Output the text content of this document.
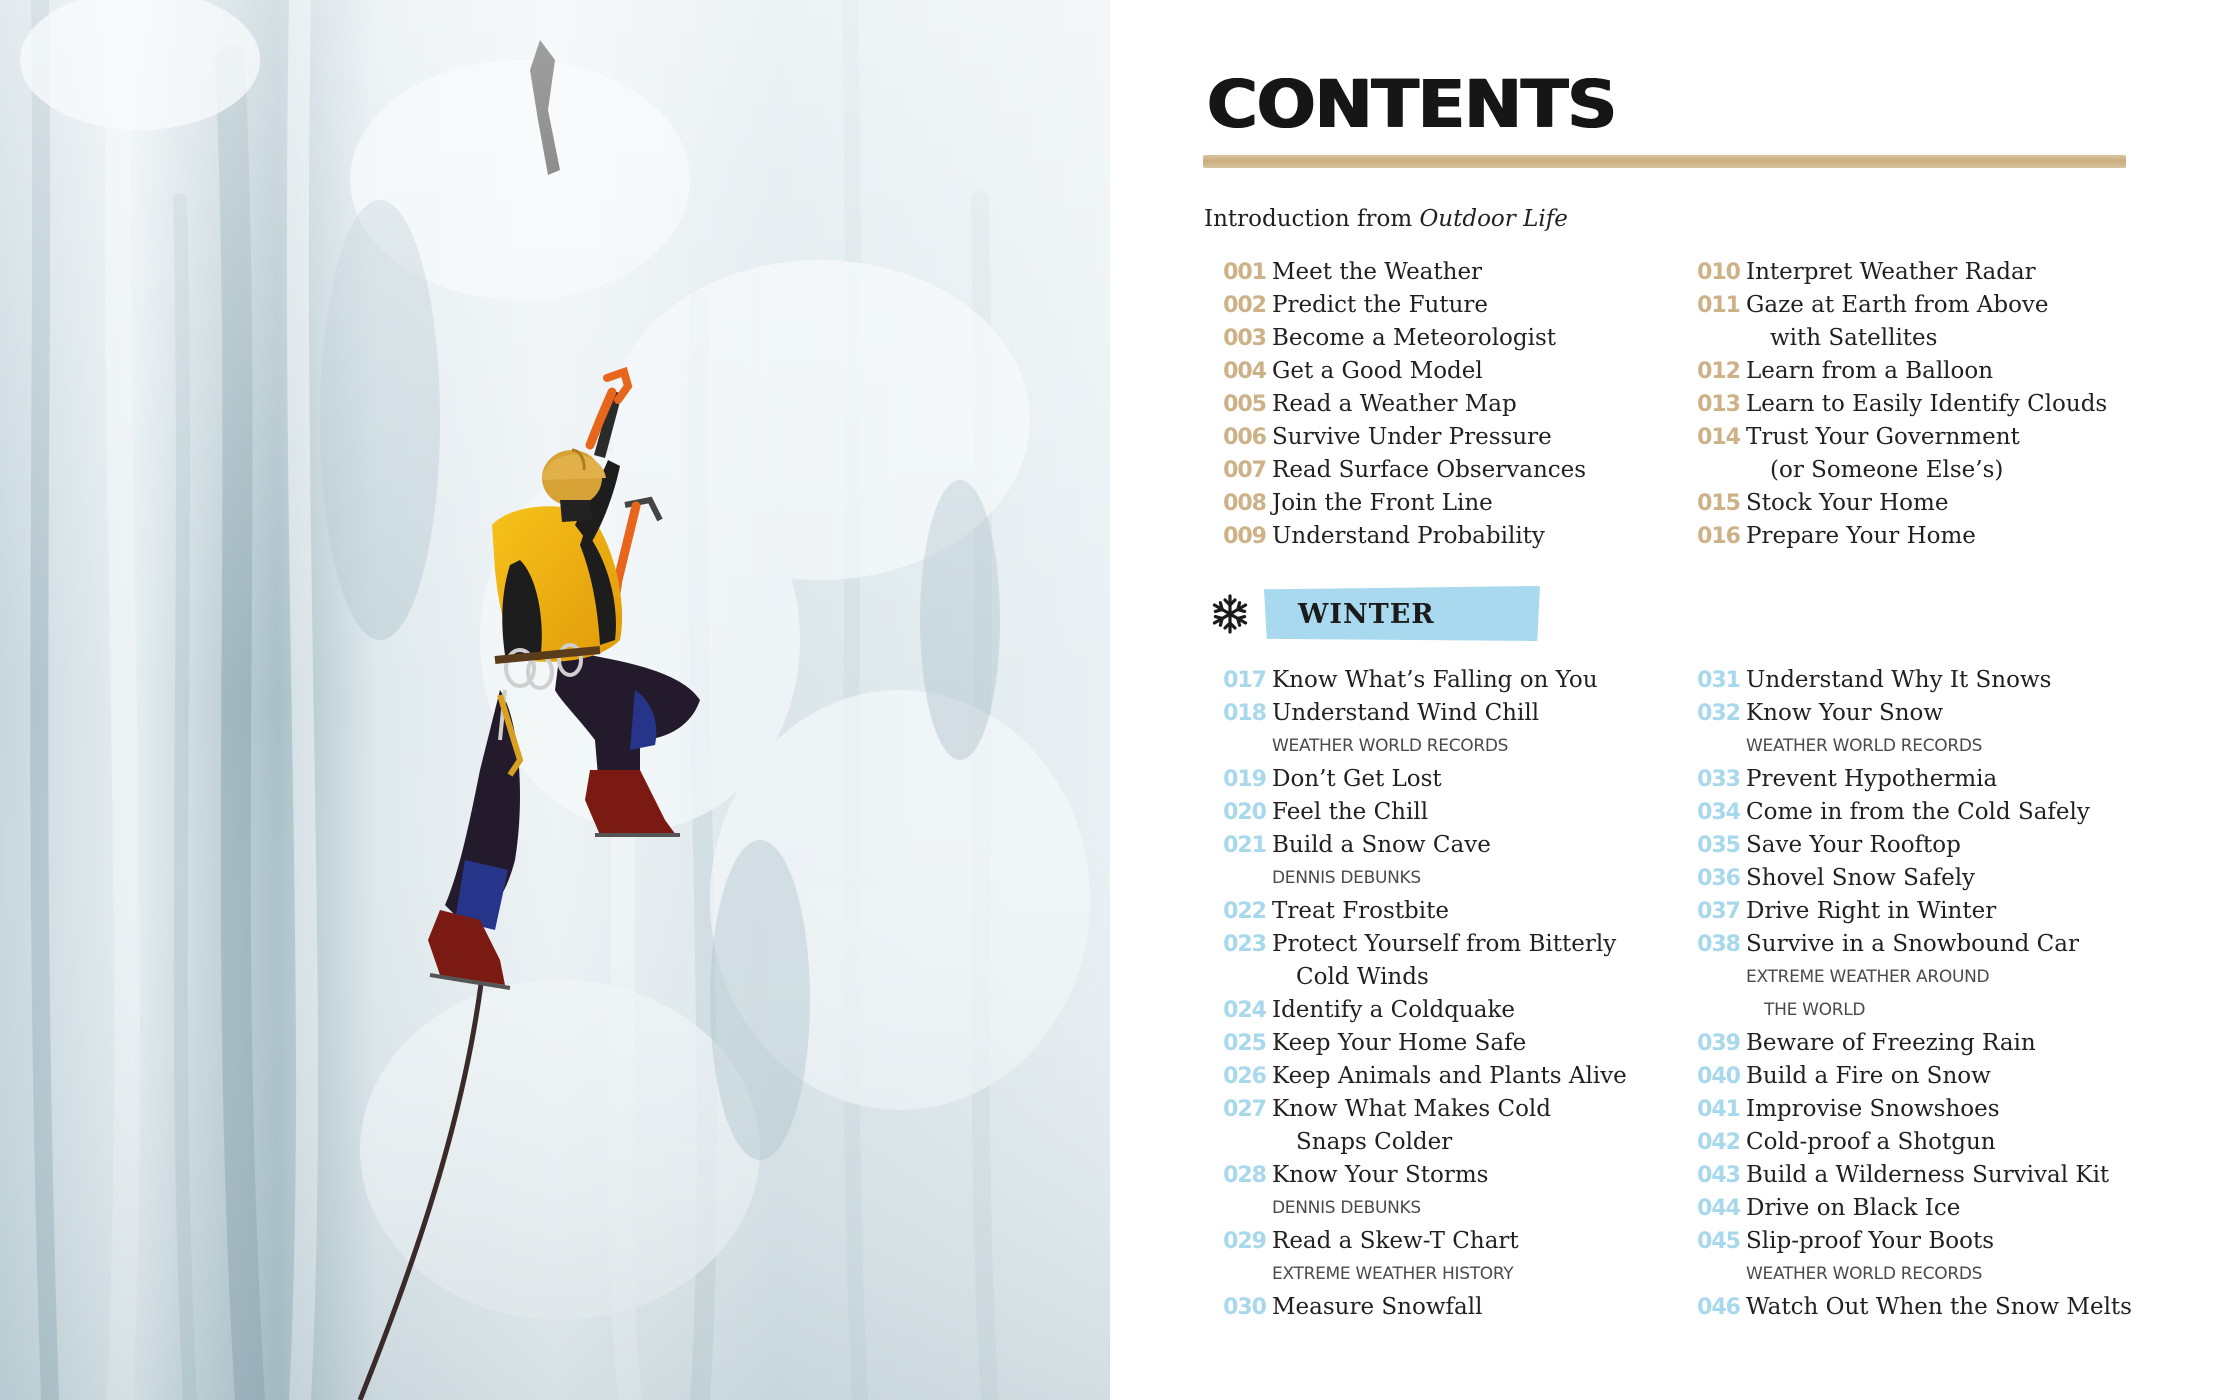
CONTENTS
Introduction from Outdoor Life
001 Meet the Weather
002 Predict the Future
003 Become a Meteorologist
004 Get a Good Model
005 Read a Weather Map
006 Survive Under Pressure
007 Read Surface Observances
008 Join the Front Line
009 Understand Probability
010 Interpret Weather Radar
011 Gaze at Earth from Above
with Satellites
012 Learn from a Balloon
013 Learn to Easily Identify Clouds
014 Trust Your Government
(or Someone Else’s)
015 Stock Your Home
016 Prepare Your Home
WINTER
017 Know What’s Falling on You
018 Understand Wind Chill
WEATHER WORLD RECORDS
019 Don’t Get Lost
020 Feel the Chill
021 Build a Snow Cave
DENNIS DEBUNKS
022 Treat Frostbite
023 Protect Yourself from Bitterly
Cold Winds
024 Identify a Coldquake
025 Keep Your Home Safe
026 Keep Animals and Plants Alive
027 Know What Makes Cold
Snaps Colder
028 Know Your Storms
DENNIS DEBUNKS
029 Read a Skew-T Chart
EXTREME WEATHER HISTORY
030 Measure Snowfall
031 Understand Why It Snows
032 Know Your Snow
WEATHER WORLD RECORDS
033 Prevent Hypothermia
034 Come in from the Cold Safely
035 Save Your Rooftop
036 Shovel Snow Safely
037 Drive Right in Winter
038 Survive in a Snowbound Car
EXTREME WEATHER AROUND
THE WORLD
039 Beware of Freezing Rain
040 Build a Fire on Snow
041 Improvise Snowshoes
042 Cold-proof a Shotgun
043 Build a Wilderness Survival Kit
044 Drive on Black Ice
045 Slip-proof Your Boots
WEATHER WORLD RECORDS
046 Watch Out When the Snow Melts
